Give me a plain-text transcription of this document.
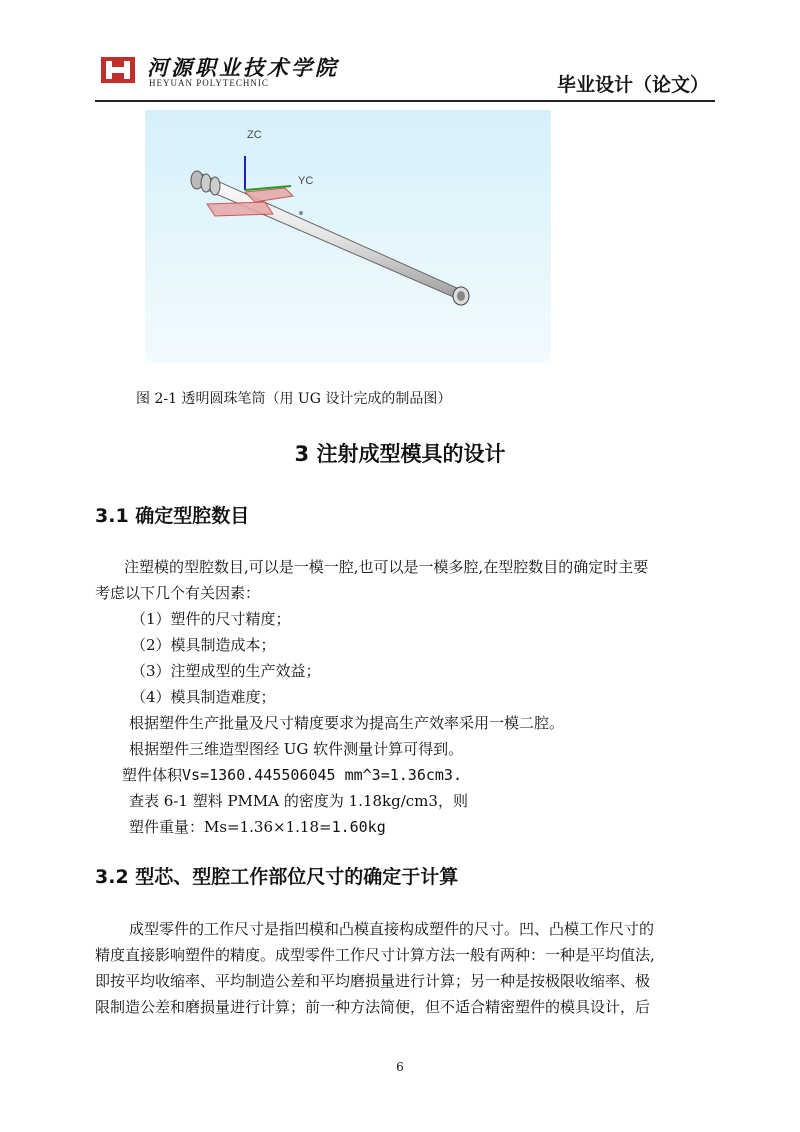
河源职业技术学院
HEYUAN POLYTECHNIC	毕业设计（论文）
ZC
YC
图 2-1 透明圆珠笔筒（用 UG 设计完成的制品图）
3 注射成型模具的设计
3.1 确定型腔数目
注塑模的型腔数目,可以是一模一腔,也可以是一模多腔,在型腔数目的确定时主要
考虑以下几个有关因素：
（1）塑件的尺寸精度；
（2）模具制造成本；
（3）注塑成型的生产效益；
（4）模具制造难度；
根据塑件生产批量及尺寸精度要求为提高生产效率采用一模二腔。
根据塑件三维造型图经 UG 软件测量计算可得到。
塑件体积Vs=1360.445506045 mm^3=1.36cm3.
查表 6-1 塑料 PMMA 的密度为 1.18kg/cm3，则
塑件重量：Ms=1.36×1.18=1.60kg
3.2 型芯、型腔工作部位尺寸的确定于计算
成型零件的工作尺寸是指凹模和凸模直接构成塑件的尺寸。凹、凸模工作尺寸的
精度直接影响塑件的精度。成型零件工作尺寸计算方法一般有两种：一种是平均值法,
即按平均收缩率、平均制造公差和平均磨损量进行计算；另一种是按极限收缩率、极
限制造公差和磨损量进行计算；前一种方法简便，但不适合精密塑件的模具设计，后
6
